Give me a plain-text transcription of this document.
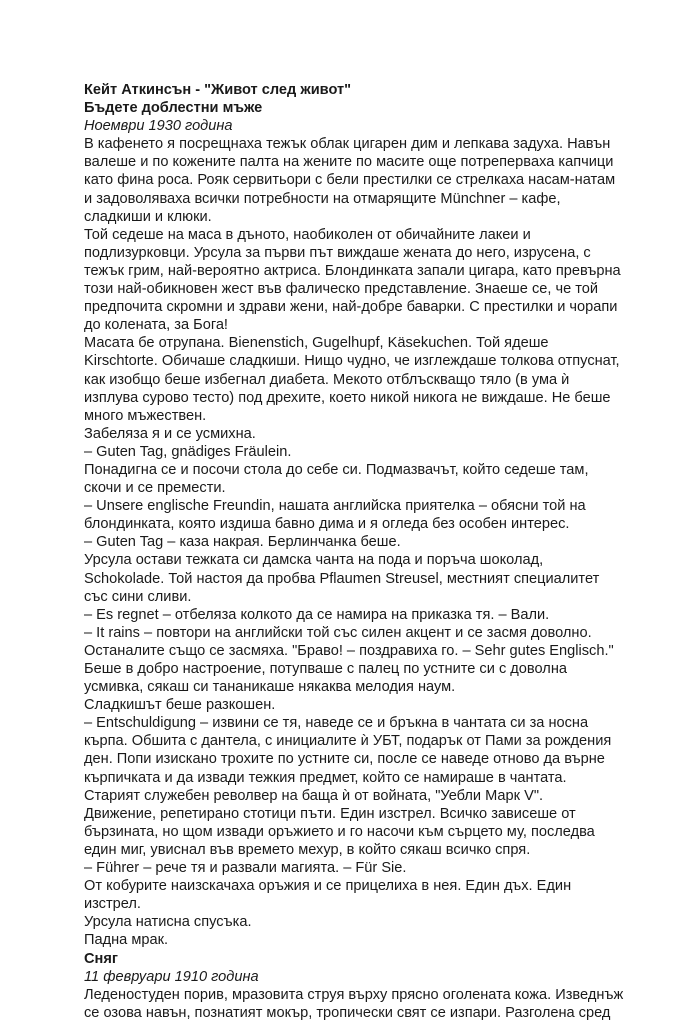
Кейт Аткинсън - "Живот след живот"

Бъдете доблестни мъже

Ноември 1930 година

В кафенето я посрещнаха тежък облак цигарен дим и лепкава задуха. Навън валеше и по кожените палта на жените по масите още потрепервaха капчици като фина роса. Рояк сервитьори с бели престилки се стрелкаха насам-натам и задоволяваха всички потребности на отмарящите Münchner – кафе, сладкиши и клюки.

Той седеше на маса в дъното, наобиколен от обичайните лакеи и подлизурковци. Урсула за първи път виждаше жената до него, изрусена, с тежък грим, най-вероятно актриса. Блондинката запали цигара, като превърна този най-обикновен жест във фалическо представление. Знаеше се, че той предпочита скромни и здрави жени, най-добре баварки. С престилки и чорапи до колената, за Бога!

Масата бе отрупана. Bienenstich, Gugelhupf, Käsekuchen. Той ядеше Kirschtorte. Обичаше сладкиши. Нищо чудно, че изглеждаше толкова отпуснат, как изобщо беше избегнал диабета. Мекото отблъскващо тяло (в ума ѝ изплува сурово тесто) под дрехите, което никой никога не виждаше. Не беше много мъжествен.

Забеляза я и се усмихна.

– Guten Tag, gnädiges Fräulein.

Понадигна се и посочи стола до себе си. Подмазвачът, който седеше там, скочи и се премести.

– Unsere englische Freundin, нашата английска приятелка – обясни той на блондинката, която издиша бавно дима и я огледа без особен интерес.

– Guten Tag – каза накрая. Берлинчанка беше.

Урсула остави тежката си дамска чанта на пода и поръча шоколад, Schokolade. Той настоя да пробва Pflaumen Streusel, местният специалитет със сини сливи.

– Es regnet – отбеляза колкото да се намира на приказка тя. – Вали.

– It rains – повтори на английски той със силен акцент и се засмя доволно. Останалите също се засмяха. "Браво! – поздравиха го. – Sehr gutes Englisch." Беше в добро настроение, потупваше с палец по устните си с доволна усмивка, сякаш си тананикаше някаква мелодия наум.

Сладкишът беше разкошен.

– Entschuldigung – извини се тя, наведе се и бръкна в чантата си за носна кърпа. Обшита с дантела, с инициалите ѝ УБТ, подарък от Пами за рождения ден. Попи изискано трохите по устните си, после се наведе отново да върне кърпичката и да извади тежкия предмет, който се намираше в чантата. Старият служебен револвер на баща ѝ от войната, "Уебли Марк V".

Движение, репетирано стотици пъти. Един изстрел. Всичко зависеше от бързината, но щом извади оръжието и го насочи към сърцето му, последва един миг, увиснал във времето мехур, в който сякаш всичко спря.

– Führer – рече тя и развали магията. – Für Sie.

От кобурите наизскачаха оръжия и се прицелиха в нея. Един дъх. Един изстрел.

Урсула натисна спусъка.

Падна мрак.

Сняг

11 февруари 1910 година

Леденостуден порив, мразовита струя върху прясно оголената кожа. Изведнъж се озова навън, познатият мокър, тропически свят се изпари. Разголена сред
